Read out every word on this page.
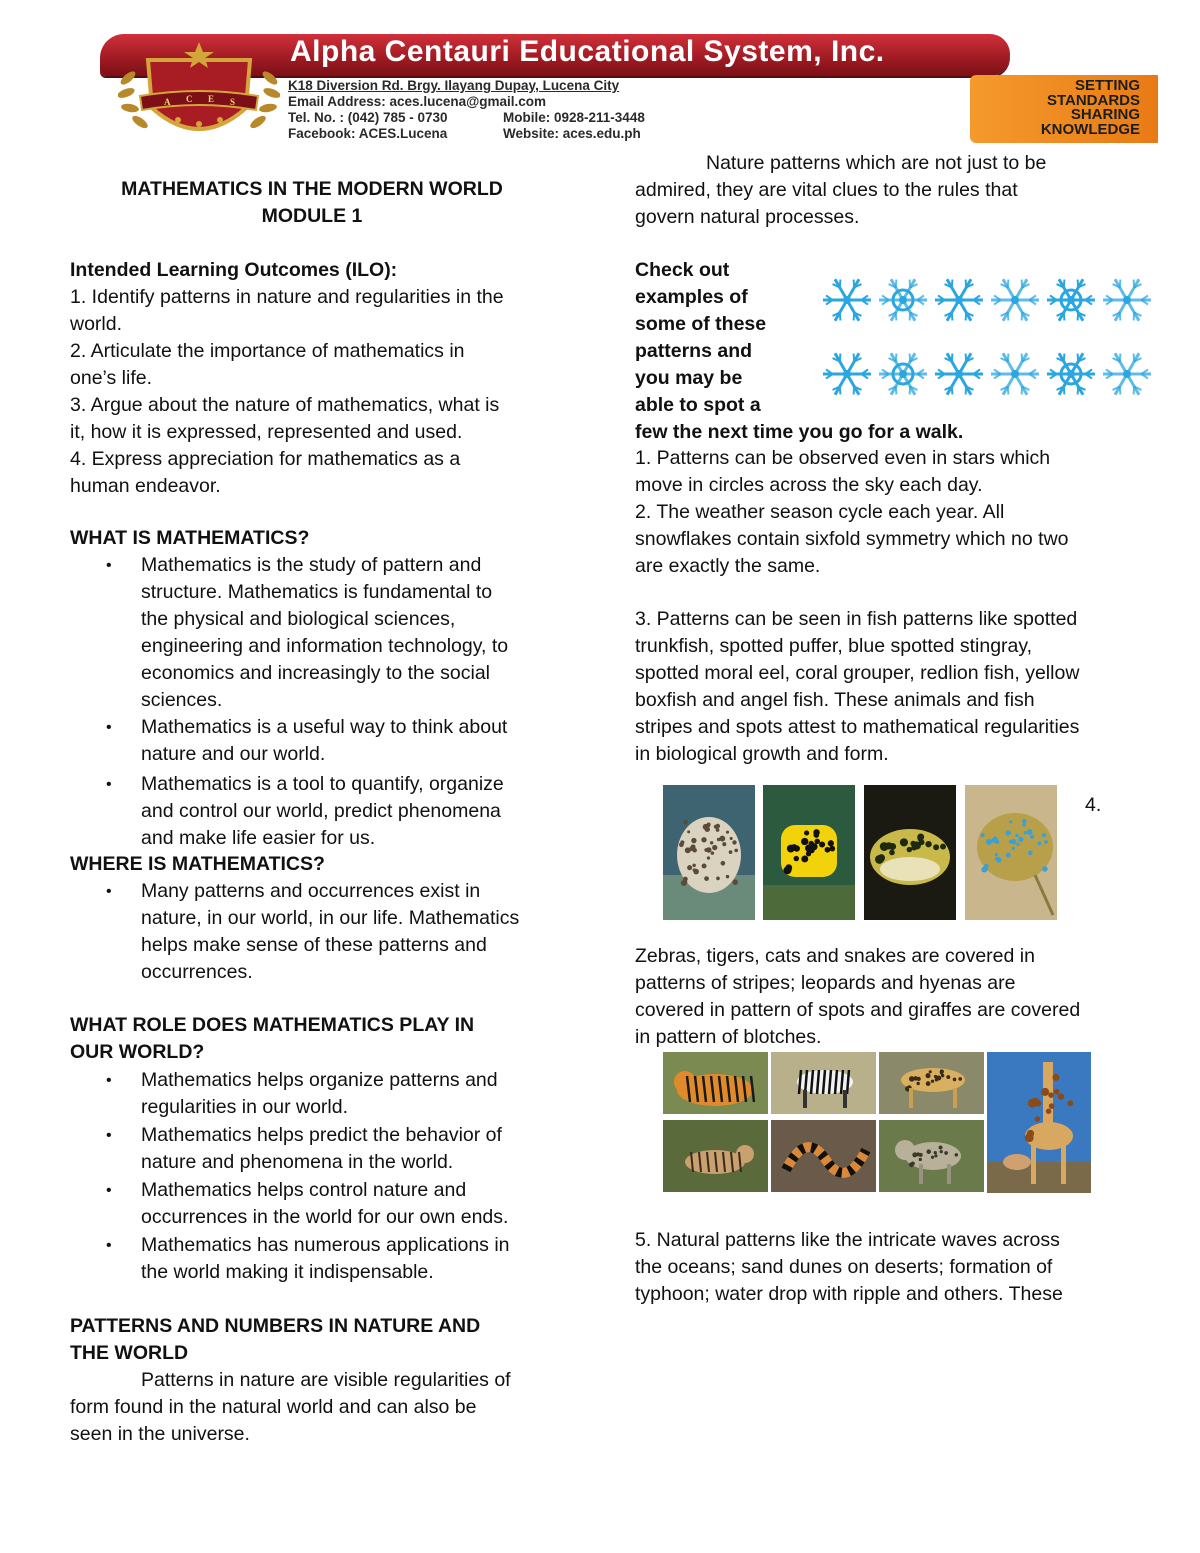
Alpha Centauri Educational System, Inc.
A C E S
K18 Diversion Rd. Brgy. Ilayang Dupay, Lucena City
Email Address: aces.lucena@gmail.com
Tel. No. : (042) 785 - 0730	Mobile: 0928-211-3448
Facebook: ACES.Lucena	Website: aces.edu.ph
SETTING
STANDARDS
SHARING
KNOWLEDGE
MATHEMATICS IN THE MODERN WORLD
MODULE 1
Intended Learning Outcomes (ILO):
1. Identify patterns in nature and regularities in the
world.
2. Articulate the importance of mathematics in
one’s life.
3. Argue about the nature of mathematics, what is
it, how it is expressed, represented and used.
4. Express appreciation for mathematics as a
human endeavor.
WHAT IS MATHEMATICS?
• Mathematics is the study of pattern and
structure. Mathematics is fundamental to
the physical and biological sciences,
engineering and information technology, to
economics and increasingly to the social
sciences.
• Mathematics is a useful way to think about
nature and our world.
• Mathematics is a tool to quantify, organize
and control our world, predict phenomena
and make life easier for us.
WHERE IS MATHEMATICS?
• Many patterns and occurrences exist in
nature, in our world, in our life. Mathematics
helps make sense of these patterns and
occurrences.
WHAT ROLE DOES MATHEMATICS PLAY IN
OUR WORLD?
• Mathematics helps organize patterns and
regularities in our world.
• Mathematics helps predict the behavior of
nature and phenomena in the world.
• Mathematics helps control nature and
occurrences in the world for our own ends.
• Mathematics has numerous applications in
the world making it indispensable.
PATTERNS AND NUMBERS IN NATURE AND
THE WORLD
Patterns in nature are visible regularities of
form found in the natural world and can also be
seen in the universe.
Nature patterns which are not just to be
admired, they are vital clues to the rules that
govern natural processes.
Check out
examples of
some of these
patterns and
you may be
able to spot a
few the next time you go for a walk.
1. Patterns can be observed even in stars which
move in circles across the sky each day.
2. The weather season cycle each year. All
snowflakes contain sixfold symmetry which no two
are exactly the same.
3. Patterns can be seen in fish patterns like spotted
trunkfish, spotted puffer, blue spotted stingray,
spotted moral eel, coral grouper, redlion fish, yellow
boxfish and angel fish. These animals and fish
stripes and spots attest to mathematical regularities
in biological growth and form.
4.
Zebras, tigers, cats and snakes are covered in
patterns of stripes; leopards and hyenas are
covered in pattern of spots and giraffes are covered
in pattern of blotches.
5. Natural patterns like the intricate waves across
the oceans; sand dunes on deserts; formation of
typhoon; water drop with ripple and others. These
